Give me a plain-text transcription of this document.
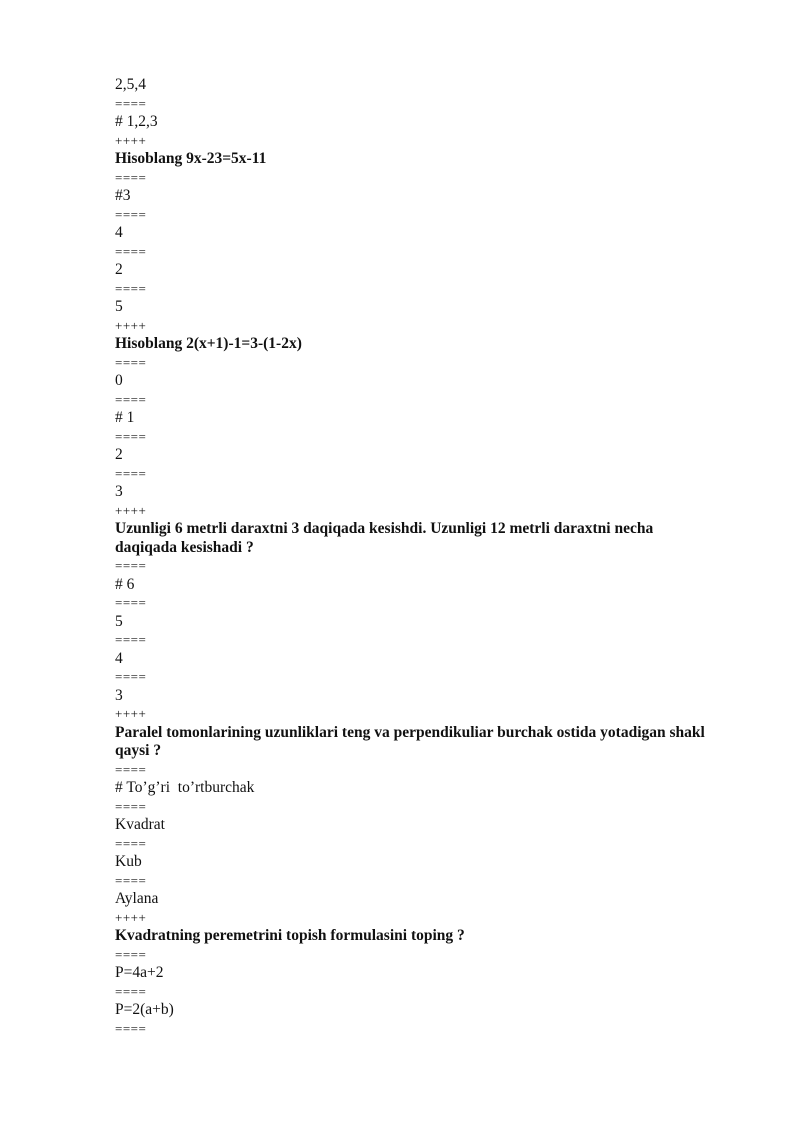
2,5,4
====
# 1,2,3
++++
Hisoblang 9x-23=5x-11
====
#3
====
4
====
2
====
5
++++
Hisoblang 2(x+1)-1=3-(1-2x)
====
0
====
# 1
====
2
====
3
++++
Uzunligi 6 metrli daraxtni 3 daqiqada kesishdi. Uzunligi 12 metrli daraxtni necha daqiqada kesishadi ?
====
# 6
====
5
====
4
====
3
++++
Paralel tomonlarining uzunliklari teng va perpendikuliar burchak ostida yotadigan shakl qaysi ?
====
# To’g’ri  to’rtburchak
====
Kvadrat
====
Kub
====
Aylana
++++
Kvadratning peremetrini topish formulasini toping ?
====
P=4a+2
====
P=2(a+b)
====
